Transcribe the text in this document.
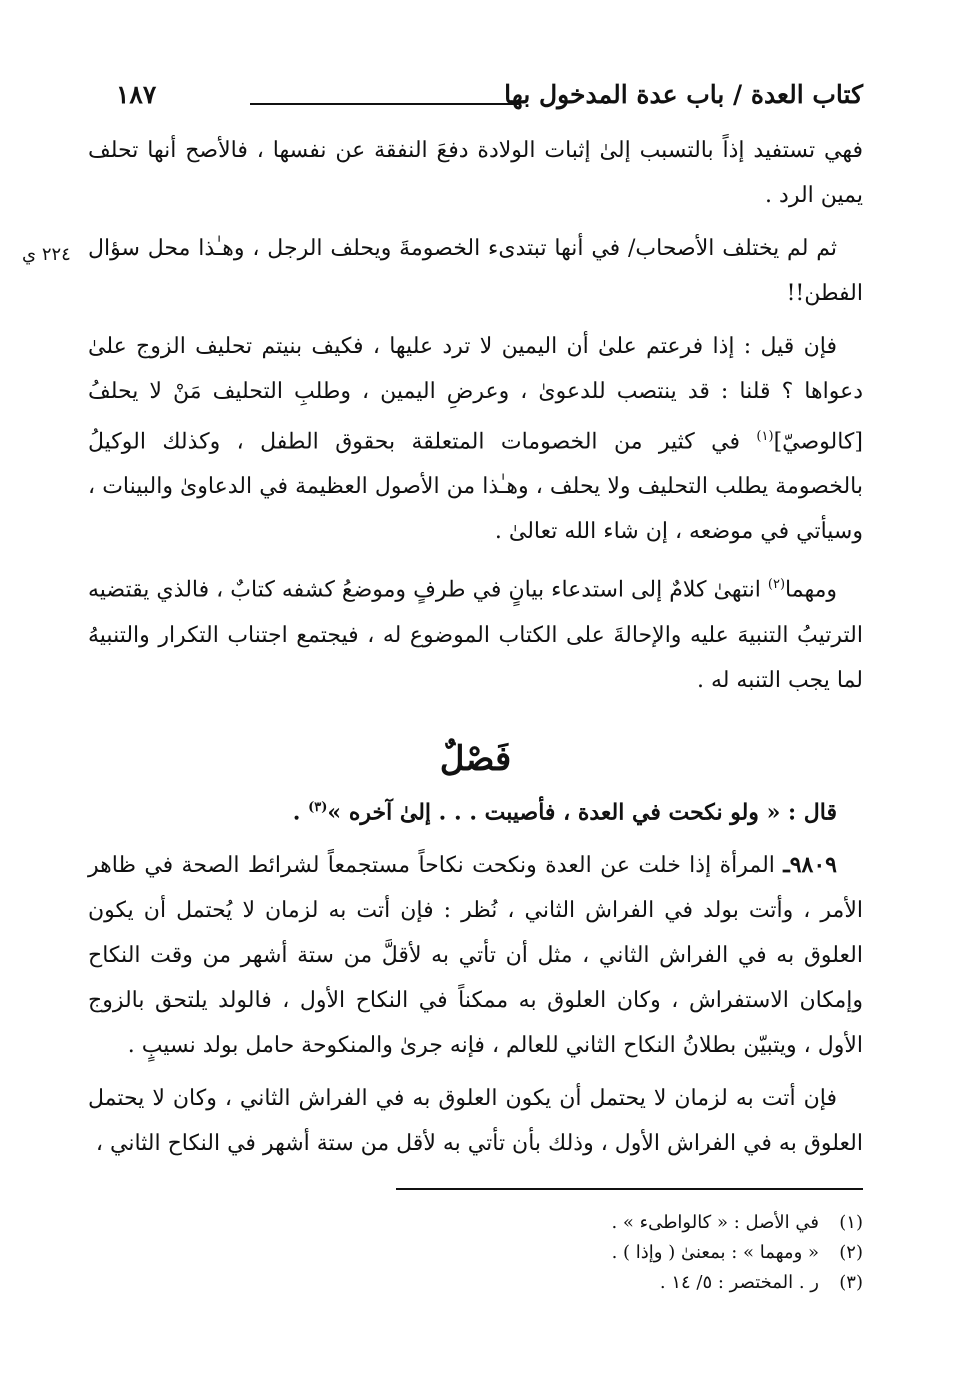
كتاب العدة / باب عدة المدخول بها
١٨٧
٢٢٤ ي

فهي تستفيد إذاً بالتسبب إلىٰ إثبات الولادة دفعَ النفقة عن نفسها ، فالأصح أنها تحلف يمين الرد .

ثم لم يختلف الأصحاب/ في أنها تبتدىء الخصومةَ ويحلف الرجل ، وهـٰذا محل سؤال الفطن!!

فإن قيل : إذا فرعتم علىٰ أن اليمين لا ترد عليها ، فكيف بنيتم تحليف الزوج علىٰ دعواها ؟ قلنا : قد ينتصب للدعوىٰ ، وعرضِ اليمين ، وطلبِ التحليف مَنْ لا يحلفُ [كالوصيّ]$^{(١)}$ في كثير من الخصومات المتعلقة بحقوق الطفل ، وكذلك الوكيلُ بالخصومة يطلب التحليف ولا يحلف ، وهـٰذا من الأصول العظيمة في الدعاوىٰ والبينات ، وسيأتي في موضعه ، إن شاء الله تعالىٰ .

ومهما$^{(٢)}$ انتهىٰ كلامٌ إلى استدعاء بيانٍ في طرفٍ وموضعُ كشفه كتابٌ ، فالذي يقتضيه الترتيبُ التنبيهَ عليه والإحالةَ على الكتاب الموضوع له ، فيجتمع اجتناب التكرار والتنبيهُ لما يجب التنبه له .

فَصْلٌ

قال : « ولو نكحت في العدة ، فأصيبت . . . إلىٰ آخره »$^{(٣)}$ .

٩٨٠٩ـ المرأة إذا خلت عن العدة ونكحت نكاحاً مستجمعاً لشرائط الصحة في ظاهر الأمر ، وأتت بولد في الفراش الثاني ، نُظر : فإن أتت به لزمان لا يُحتمل أن يكون العلوق به في الفراش الثاني ، مثل أن تأتي به لأقلَّ من ستة أشهر من وقت النكاح وإمكان الاستفراش ، وكان العلوق به ممكناً في النكاح الأول ، فالولد يلتحق بالزوج الأول ، ويتبيّن بطلانُ النكاح الثاني للعالم ، فإنه جرىٰ والمنكوحة حامل بولد نسيبٍ .

فإن أتت به لزمان لا يحتمل أن يكون العلوق به في الفراش الثاني ، وكان لا يحتمل العلوق به في الفراش الأول ، وذلك بأن تأتي به لأقل من ستة أشهر في النكاح الثاني ،

(١)في الأصل : « كالواطىء » .
(٢)« ومهما » : بمعنىٰ ( وإذا ) .
(٣)ر . المختصر : ٥/ ١٤ .
